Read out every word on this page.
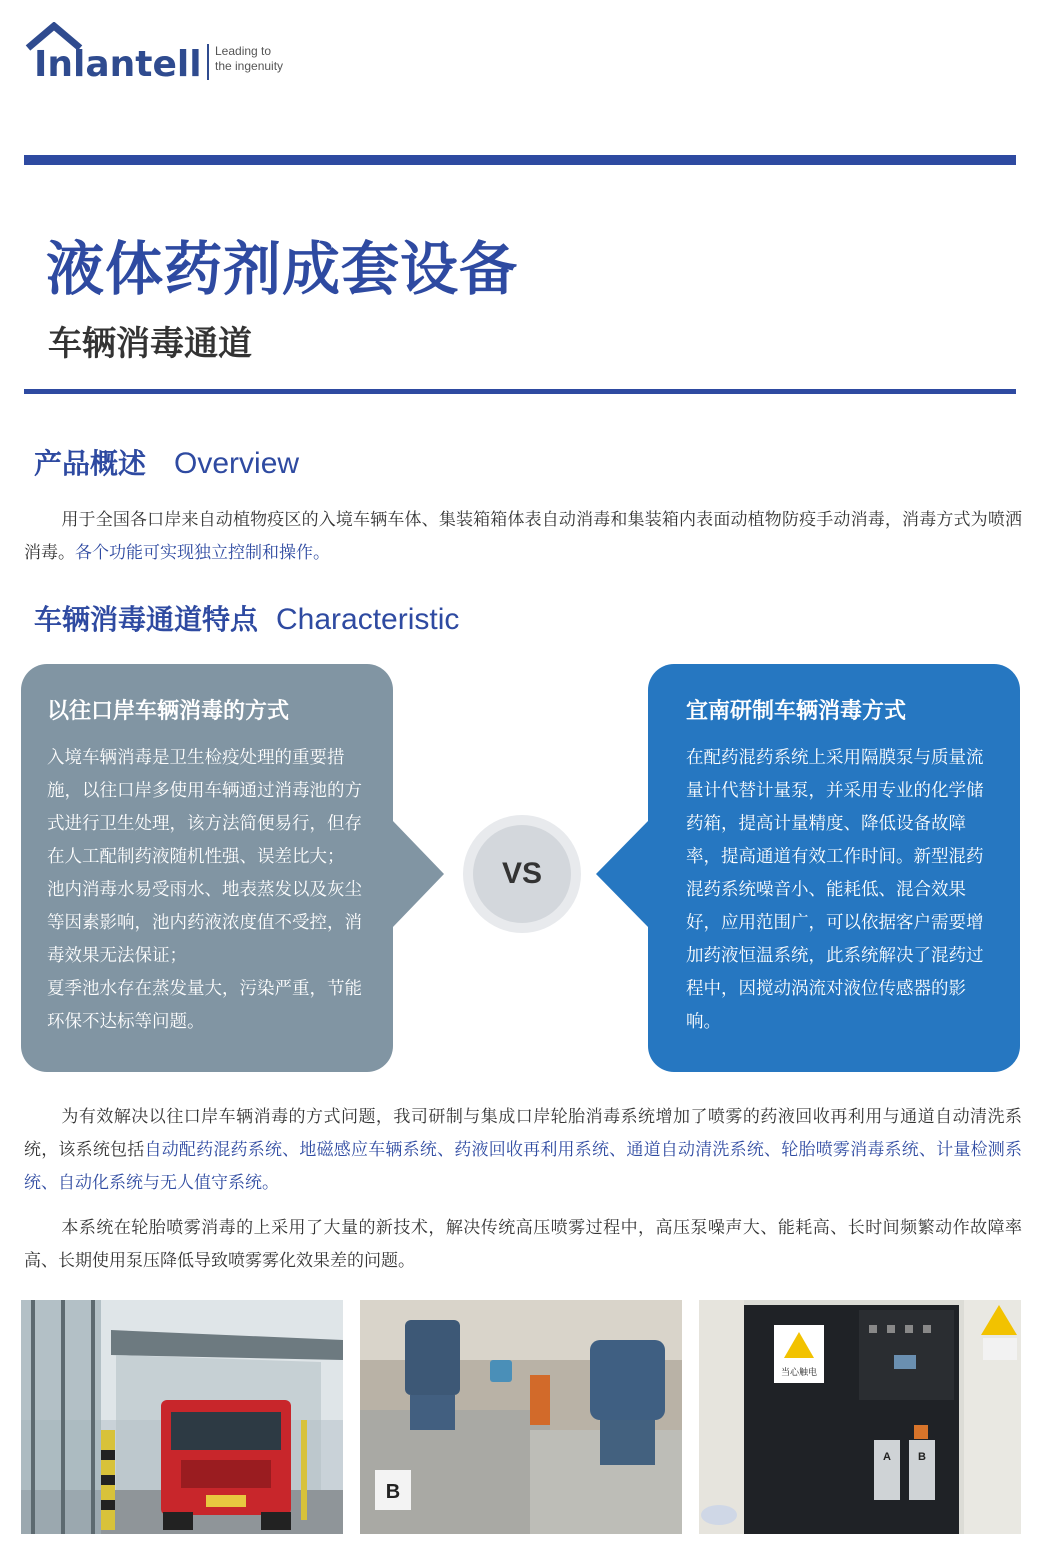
Inlantell Leading to
the ingenuity
液体药剂成套设备
车辆消毒通道
产品概述 Overview

用于全国各口岸来自动植物疫区的入境车辆车体、集装箱箱体表自动消毒和集装箱内表面动植物防疫手动消毒，消毒方式为喷洒消毒。各个功能可实现独立控制和操作。

车辆消毒通道特点 Characteristic
以往口岸车辆消毒的方式
入境车辆消毒是卫生检疫处理的重要措施，以往口岸多使用车辆通过消毒池的方式进行卫生处理，该方法简便易行，但存在人工配制药液随机性强、误差比大；
池内消毒水易受雨水、地表蒸发以及灰尘等因素影响，池内药液浓度值不受控，消毒效果无法保证；
夏季池水存在蒸发量大，污染严重，节能环保不达标等问题。
VS
宜南研制车辆消毒方式
在配药混药系统上采用隔膜泵与质量流量计代替计量泵，并采用专业的化学储药箱，提高计量精度、降低设备故障率，提高通道有效工作时间。新型混药混药系统噪音小、能耗低、混合效果好，应用范围广，可以依据客户需要增加药液恒温系统，此系统解决了混药过程中，因搅动涡流对液位传感器的影响。

为有效解决以往口岸车辆消毒的方式问题，我司研制与集成口岸轮胎消毒系统增加了喷雾的药液回收再利用与通道自动清洗系统，该系统包括自动配药混药系统、地磁感应车辆系统、药液回收再利用系统、通道自动清洗系统、轮胎喷雾消毒系统、计量检测系统、自动化系统与无人值守系统。

本系统在轮胎喷雾消毒的上采用了大量的新技术，解决传统高压喷雾过程中，高压泵噪声大、能耗高、长时间频繁动作故障率高、长期使用泵压降低导致喷雾雾化效果差的问题。

B
当心触电
A B
